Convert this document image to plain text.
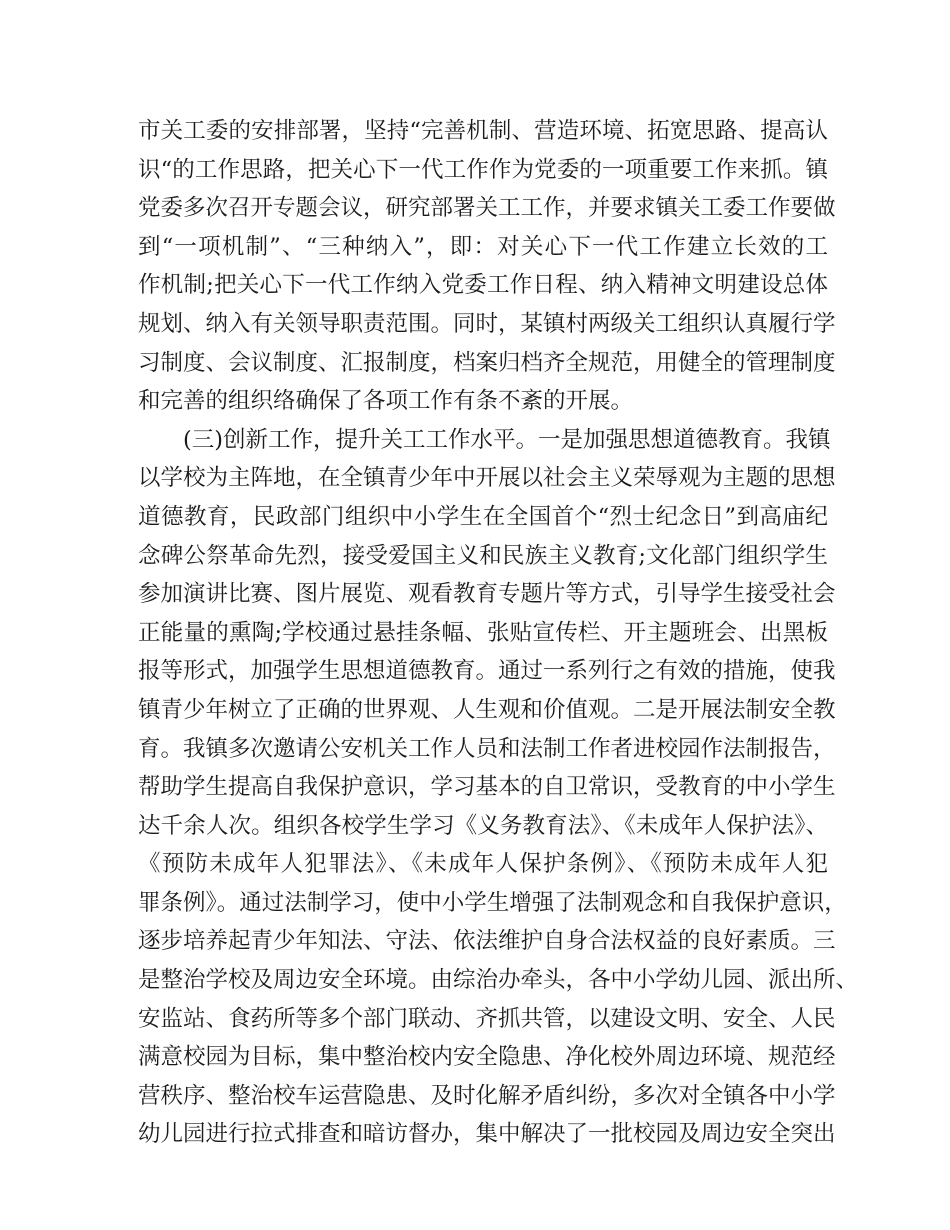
市关工委的安排部署，坚持“完善机制、营造环境、拓宽思路、提高认
识“的工作思路，把关心下一代工作作为党委的一项重要工作来抓。镇
党委多次召开专题会议，研究部署关工工作，并要求镇关工委工作要做
到“一项机制”、“三种纳入”，即：对关心下一代工作建立长效的工
作机制;把关心下一代工作纳入党委工作日程、纳入精神文明建设总体
规划、纳入有关领导职责范围。同时，某镇村两级关工组织认真履行学
习制度、会议制度、汇报制度，档案归档齐全规范，用健全的管理制度
和完善的组织络确保了各项工作有条不紊的开展。
　　(三)创新工作，提升关工工作水平。一是加强思想道德教育。我镇
以学校为主阵地，在全镇青少年中开展以社会主义荣辱观为主题的思想
道德教育，民政部门组织中小学生在全国首个“烈士纪念日”到高庙纪
念碑公祭革命先烈，接受爱国主义和民族主义教育;文化部门组织学生
参加演讲比赛、图片展览、观看教育专题片等方式，引导学生接受社会
正能量的熏陶;学校通过悬挂条幅、张贴宣传栏、开主题班会、出黑板
报等形式，加强学生思想道德教育。通过一系列行之有效的措施，使我
镇青少年树立了正确的世界观、人生观和价值观。二是开展法制安全教
育。我镇多次邀请公安机关工作人员和法制工作者进校园作法制报告，
帮助学生提高自我保护意识，学习基本的自卫常识，受教育的中小学生
达千余人次。组织各校学生学习《义务教育法》、《未成年人保护法》、
《预防未成年人犯罪法》、《未成年人保护条例》、《预防未成年人犯
罪条例》。通过法制学习，使中小学生增强了法制观念和自我保护意识，
逐步培养起青少年知法、守法、依法维护自身合法权益的良好素质。三
是整治学校及周边安全环境。由综治办牵头，各中小学幼儿园、派出所、
安监站、食药所等多个部门联动、齐抓共管，以建设文明、安全、人民
满意校园为目标，集中整治校内安全隐患、净化校外周边环境、规范经
营秩序、整治校车运营隐患、及时化解矛盾纠纷，多次对全镇各中小学
幼儿园进行拉式排查和暗访督办，集中解决了一批校园及周边安全突出
